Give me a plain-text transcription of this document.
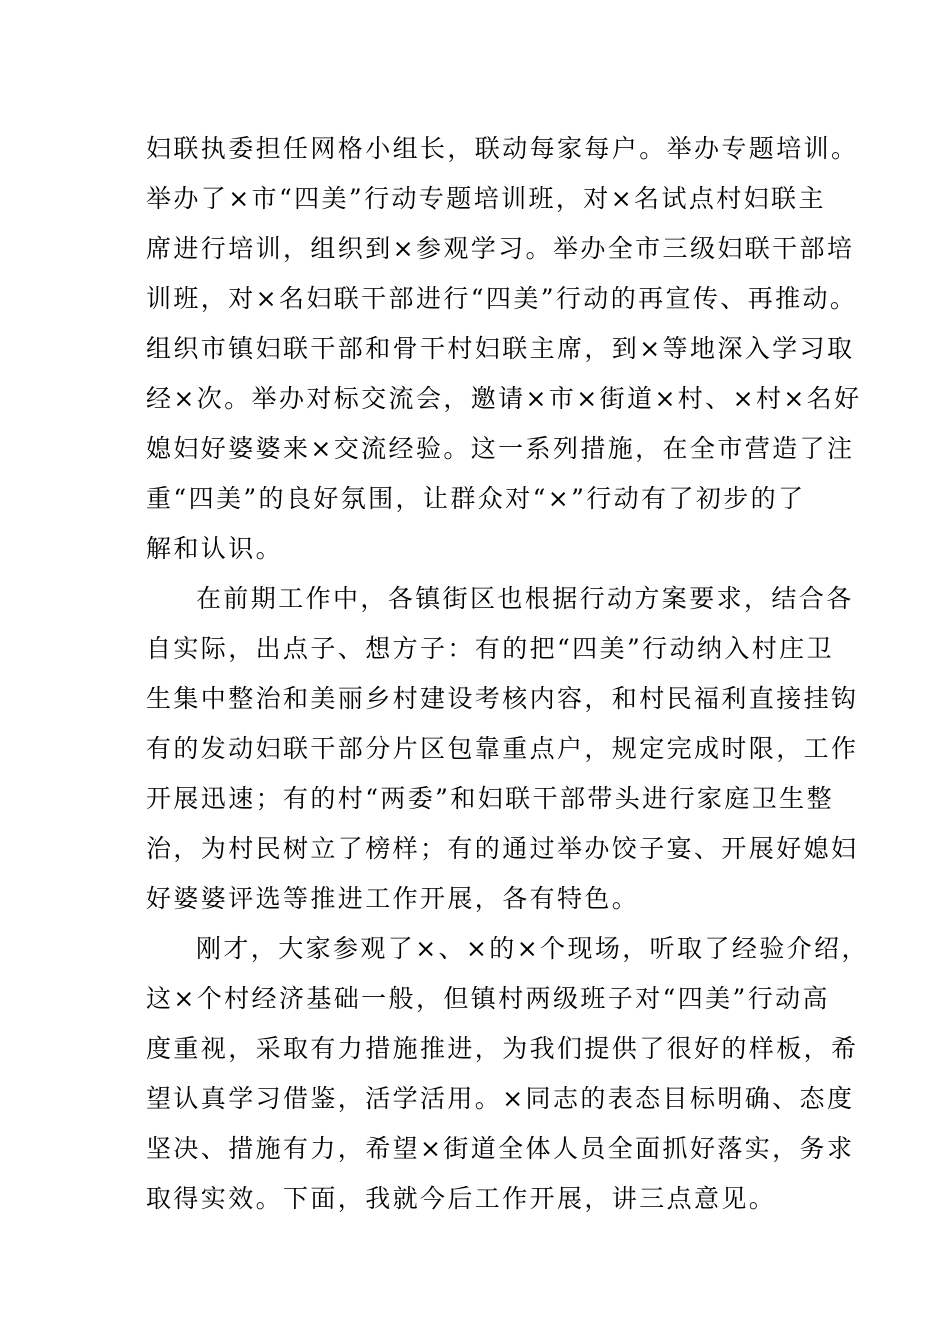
妇联执委担任网格小组长，联动每家每户。举办专题培训。
举办了×市“四美”行动专题培训班，对×名试点村妇联主
席进行培训，组织到×参观学习。举办全市三级妇联干部培
训班，对×名妇联干部进行“四美”行动的再宣传、再推动。
组织市镇妇联干部和骨干村妇联主席，到×等地深入学习取
经×次。举办对标交流会，邀请×市×街道×村、×村×名好
媳妇好婆婆来×交流经验。这一系列措施，在全市营造了注
重“四美”的良好氛围，让群众对“×”行动有了初步的了
解和认识。
在前期工作中，各镇街区也根据行动方案要求，结合各
自实际，出点子、想方子：有的把“四美”行动纳入村庄卫
生集中整治和美丽乡村建设考核内容，和村民福利直接挂钩
有的发动妇联干部分片区包靠重点户，规定完成时限，工作
开展迅速；有的村“两委”和妇联干部带头进行家庭卫生整
治，为村民树立了榜样；有的通过举办饺子宴、开展好媳妇
好婆婆评选等推进工作开展，各有特色。
刚才，大家参观了×、×的×个现场，听取了经验介绍，
这×个村经济基础一般，但镇村两级班子对“四美”行动高
度重视，采取有力措施推进，为我们提供了很好的样板，希
望认真学习借鉴，活学活用。×同志的表态目标明确、态度
坚决、措施有力，希望×街道全体人员全面抓好落实，务求
取得实效。下面，我就今后工作开展，讲三点意见。
